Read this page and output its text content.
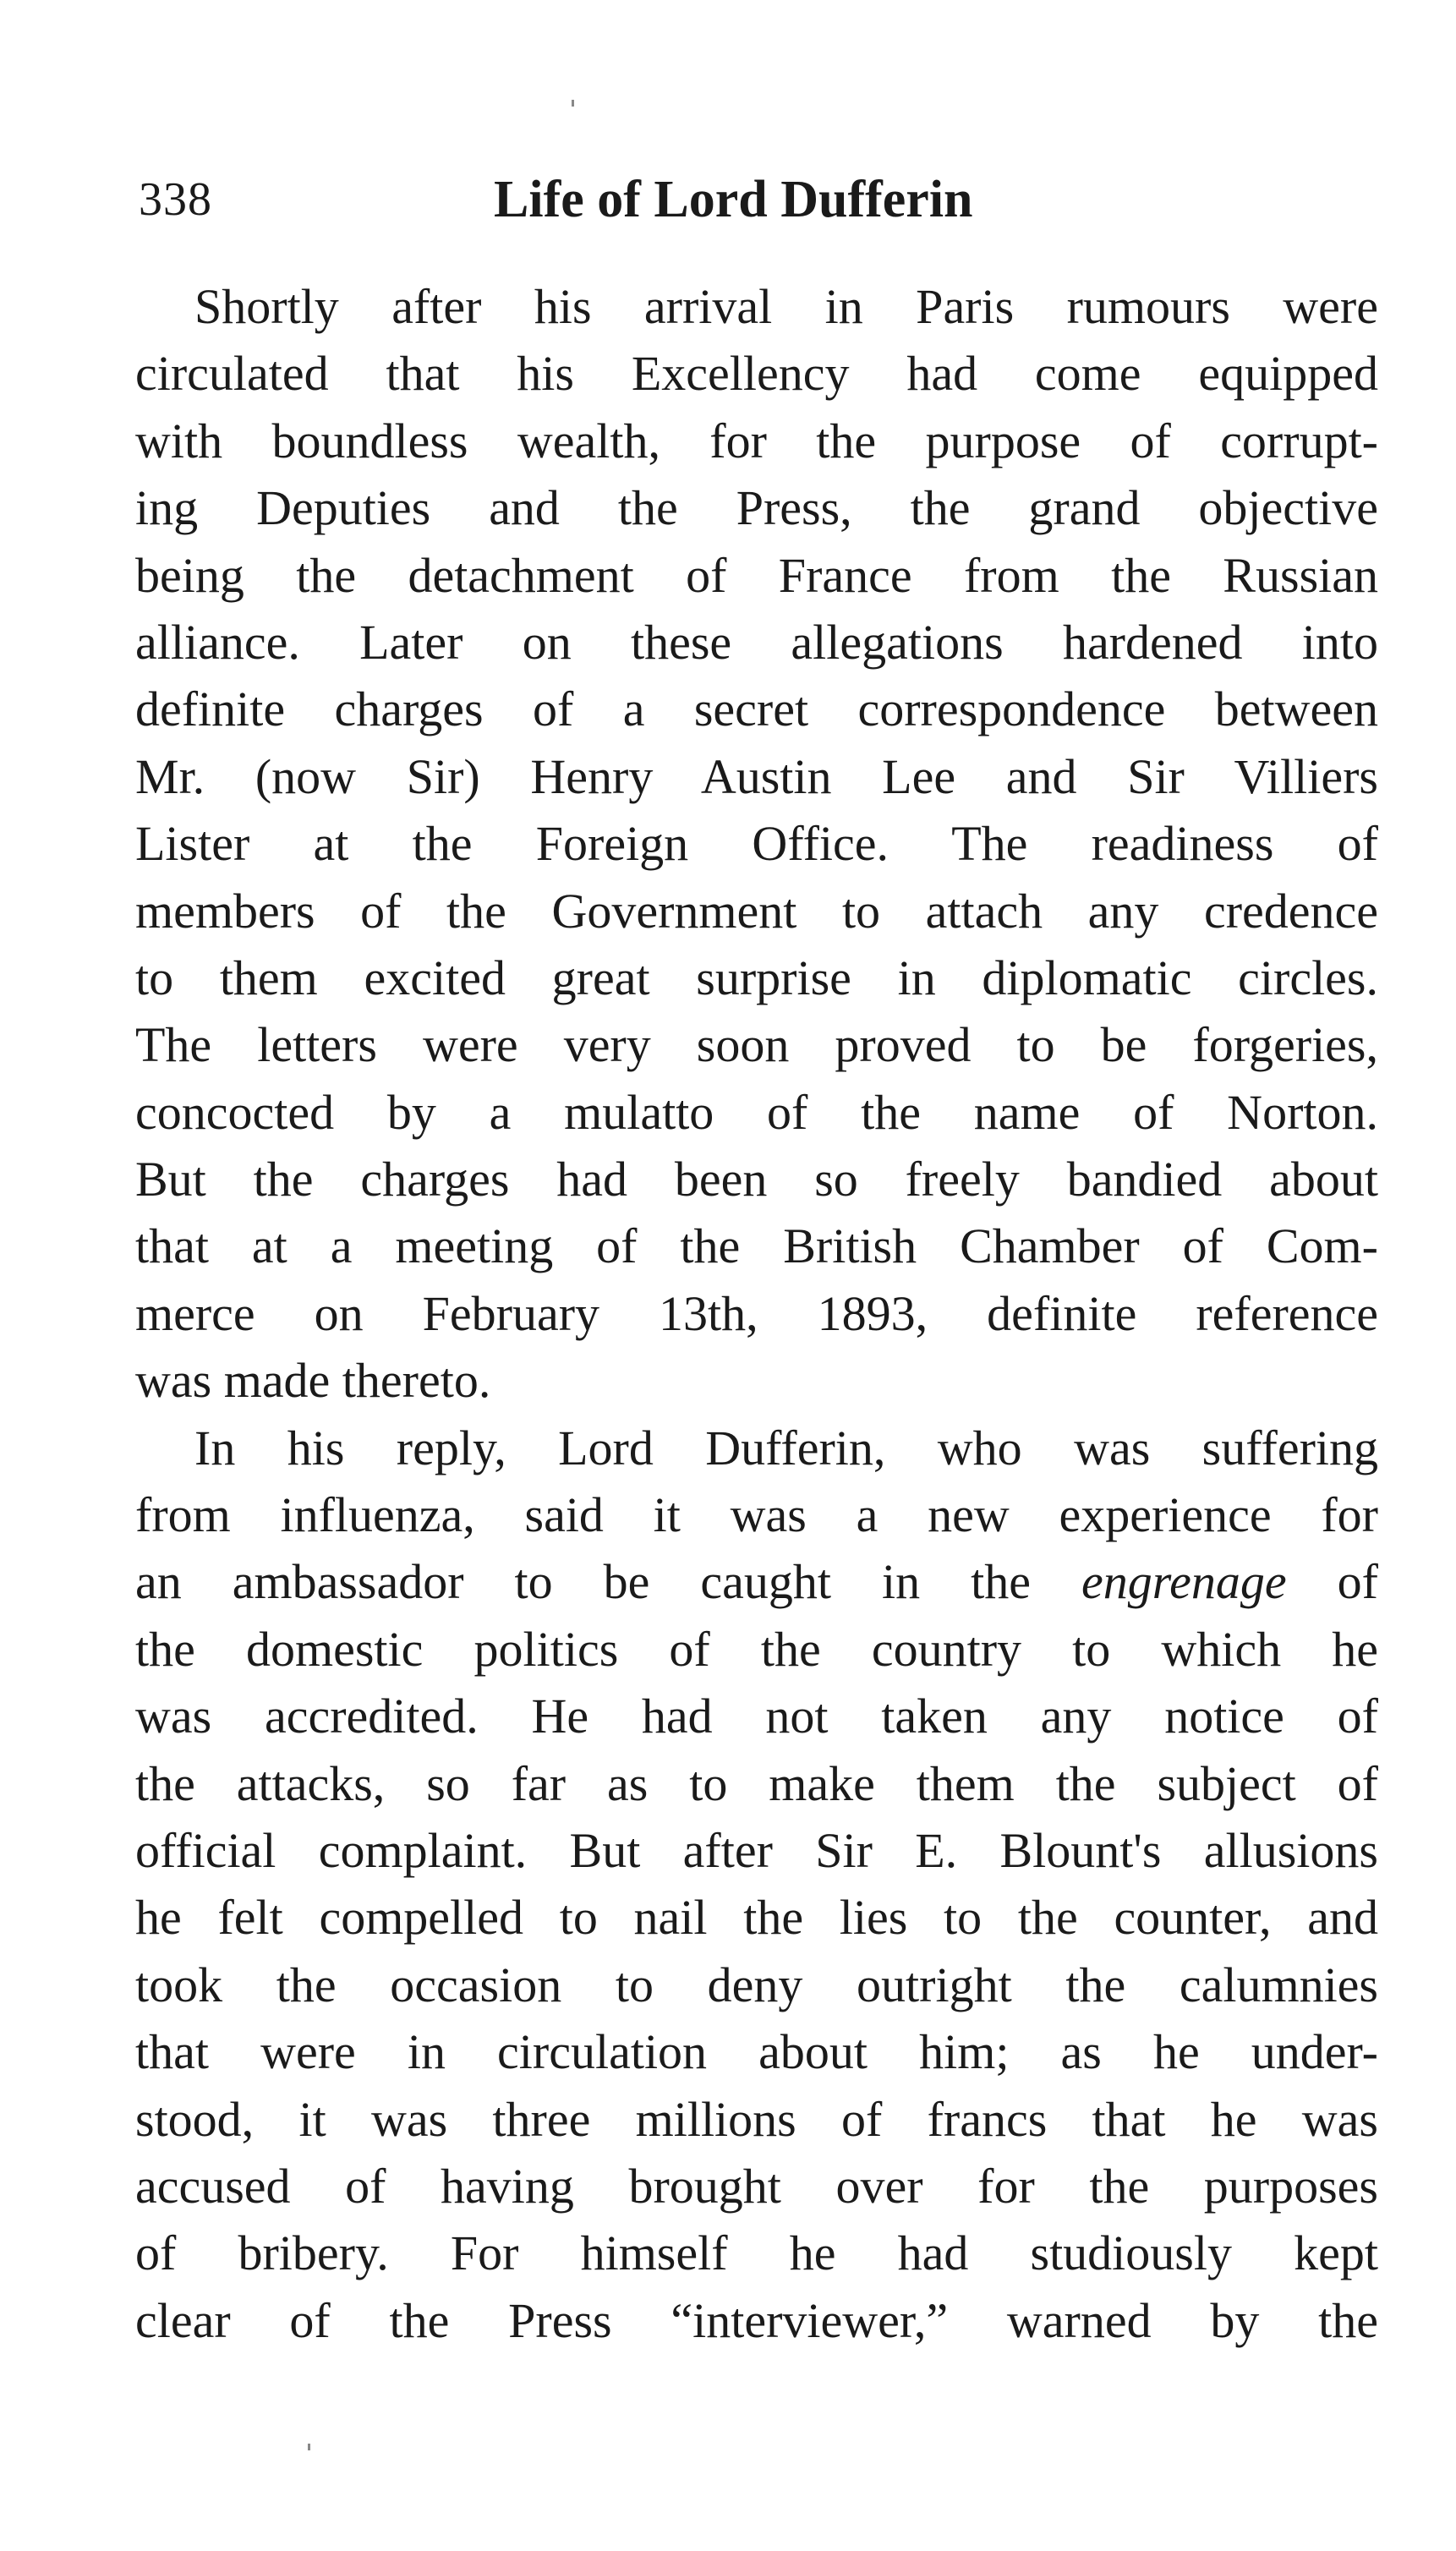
338	Life of Lord Dufferin
Shortly after his arrival in Paris rumours were
circulated that his Excellency had come equipped
with boundless wealth, for the purpose of corrupt-
ing Deputies and the Press, the grand objective
being the detachment of France from the Russian
alliance. Later on these allegations hardened into
definite charges of a secret correspondence between
Mr. (now Sir) Henry Austin Lee and Sir Villiers
Lister at the Foreign Office. The readiness of
members of the Government to attach any credence
to them excited great surprise in diplomatic circles.
The letters were very soon proved to be forgeries,
concocted by a mulatto of the name of Norton.
But the charges had been so freely bandied about
that at a meeting of the British Chamber of Com-
merce on February 13th, 1893, definite reference
was made thereto.
In his reply, Lord Dufferin, who was suffering
from influenza, said it was a new experience for
an ambassador to be caught in the engrenage of
the domestic politics of the country to which he
was accredited. He had not taken any notice of
the attacks, so far as to make them the subject of
official complaint. But after Sir E. Blount's allusions
he felt compelled to nail the lies to the counter, and
took the occasion to deny outright the calumnies
that were in circulation about him; as he under-
stood, it was three millions of francs that he was
accused of having brought over for the purposes
of bribery. For himself he had studiously kept
clear of the Press “interviewer,” warned by the
